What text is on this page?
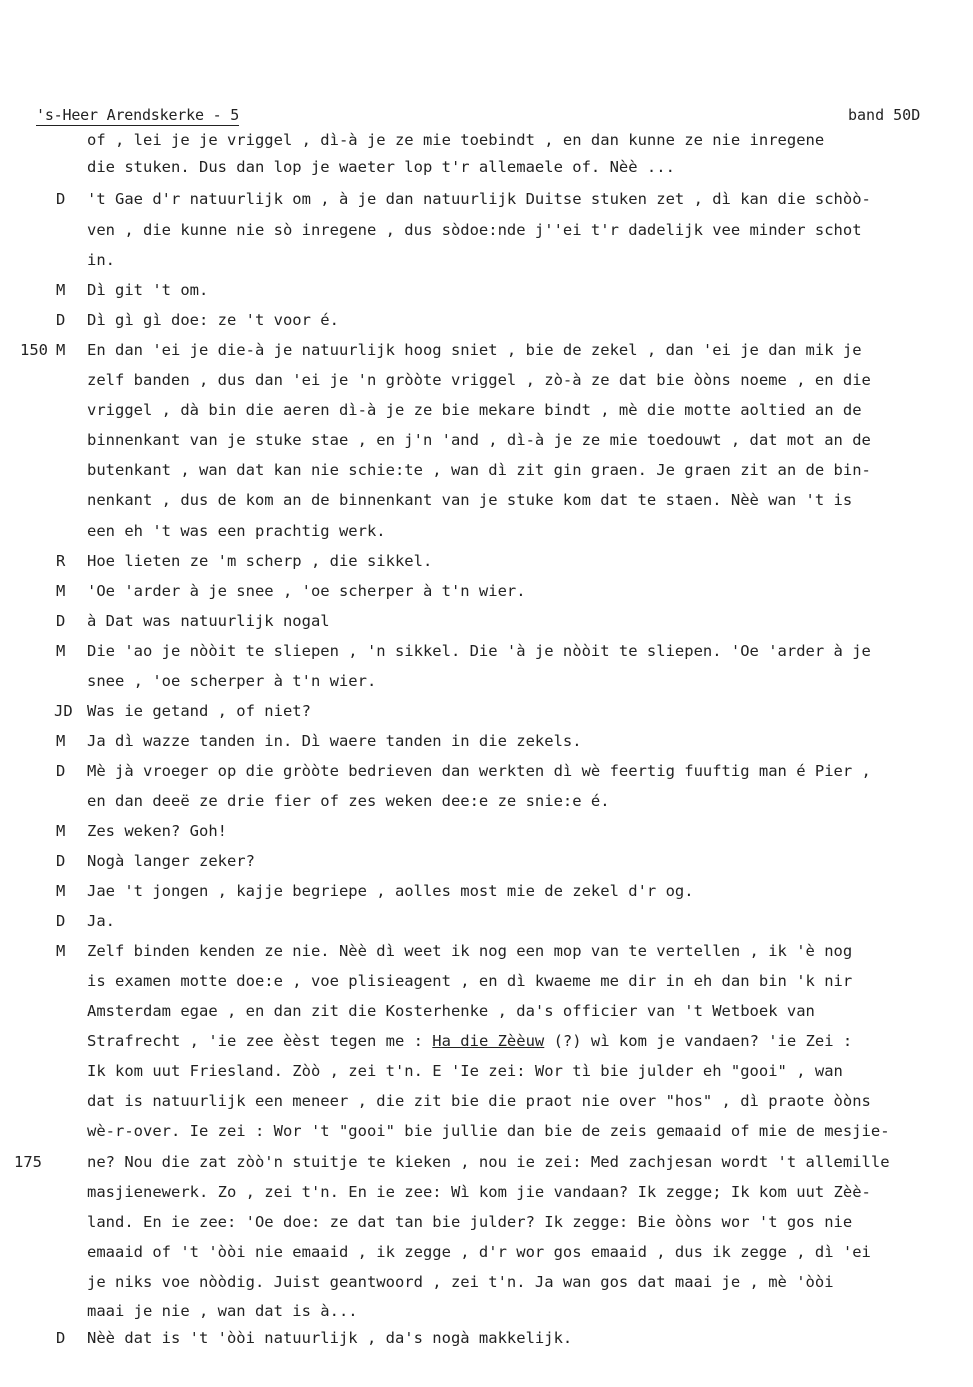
's-Heer Arendskerke - 5	band 50D
of , lei je je vriggel , dì-à je ze mie toebindt , en dan kunne ze nie inregene
die stuken. Dus dan lop je waeter lop t'r allemaele of. Nèè ...
D	't Gae d'r natuurlijk om , à je dan natuurlijk Duitse stuken zet , dì kan die schòò-
ven , die kunne nie sò inregene , dus sòdoe:nde j''ei t'r dadelijk vee minder schot
in.
M	Dì git 't om.
D	Dì gì gì doe: ze 't voor é.
150 M	En dan 'ei je die-à je natuurlijk hoog sniet , bie de zekel , dan 'ei je dan mik je
zelf banden , dus dan 'ei je 'n gròòte vriggel , zò-à ze dat bie òòns noeme , en die
vriggel , dà bin die aeren dì-à je ze bie mekare bindt , mè die motte aoltied an de
binnenkant van je stuke stae , en j'n 'and , dì-à je ze mie toedouwt , dat mot an de
butenkant , wan dat kan nie schie:te , wan dì zit gin graen. Je graen zit an de bin-
nenkant , dus de kom an de binnenkant van je stuke kom dat te staen. Nèè wan 't is
een eh 't was een prachtig werk.
R	Hoe lieten ze 'm scherp , die sikkel.
M	'Oe 'arder à je snee , 'oe scherper à t'n wier.
D	à Dat was natuurlijk nogal
M	Die 'ao je nòòit te sliepen , 'n sikkel. Die 'à je nòòit te sliepen. 'Oe 'arder à je
snee , 'oe scherper à t'n wier.
JD Was ie getand , of niet?
M	Ja dì wazze tanden in. Dì waere tanden in die zekels.
D	Mè jà vroeger op die gròòte bedrieven dan werkten dì wè feertig fuuftig man é Pier ,
en dan deeë ze drie fier of zes weken dee:e ze snie:e é.
M	Zes weken? Goh!
D	Nogà langer zeker?
M	Jae 't jongen , kajje begriepe , aolles most mie de zekel d'r og.
D	Ja.
M	Zelf binden kenden ze nie. Nèè dì weet ik nog een mop van te vertellen , ik 'è nog
is examen motte doe:e , voe plisieagent , en dì kwaeme me dir in eh dan bin 'k nir
Amsterdam egae , en dan zit die Kosterhenke , da's officier van 't Wetboek van
Strafrecht , 'ie zee èèst tegen me : Ha die Zèèuw (?) wì kom je vandaen? 'ie Zei :
Ik kom uut Friesland. Zòò , zei t'n. E 'Ie zei: Wor tì bie julder eh "gooi" , wan
dat is natuurlijk een meneer , die zit bie die praot nie over "hos" , dì praote òòns
wè-r-over. Ie zei : Wor 't "gooi" bie jullie dan bie de zeis gemaaid of mie de mesjie-
175	ne? Nou die zat zòò'n stuitje te kieken , nou ie zei: Med zachjesan wordt 't allemille
masjienewerk. Zo , zei t'n. En ie zee: Wì kom jie vandaan? Ik zegge; Ik kom uut Zèè-
land. En ie zee: 'Oe doe: ze dat tan bie julder? Ik zegge: Bie òòns wor 't gos nie
emaaid of 't 'òòi nie emaaid , ik zegge , d'r wor gos emaaid , dus ik zegge , dì 'ei
je niks voe nòòdig. Juist geantwoord , zei t'n. Ja wan gos dat maai je , mè 'òòi
maai je nie , wan dat is à...
D	Nèè dat is 't 'òòi natuurlijk , da's nogà makkelijk.
